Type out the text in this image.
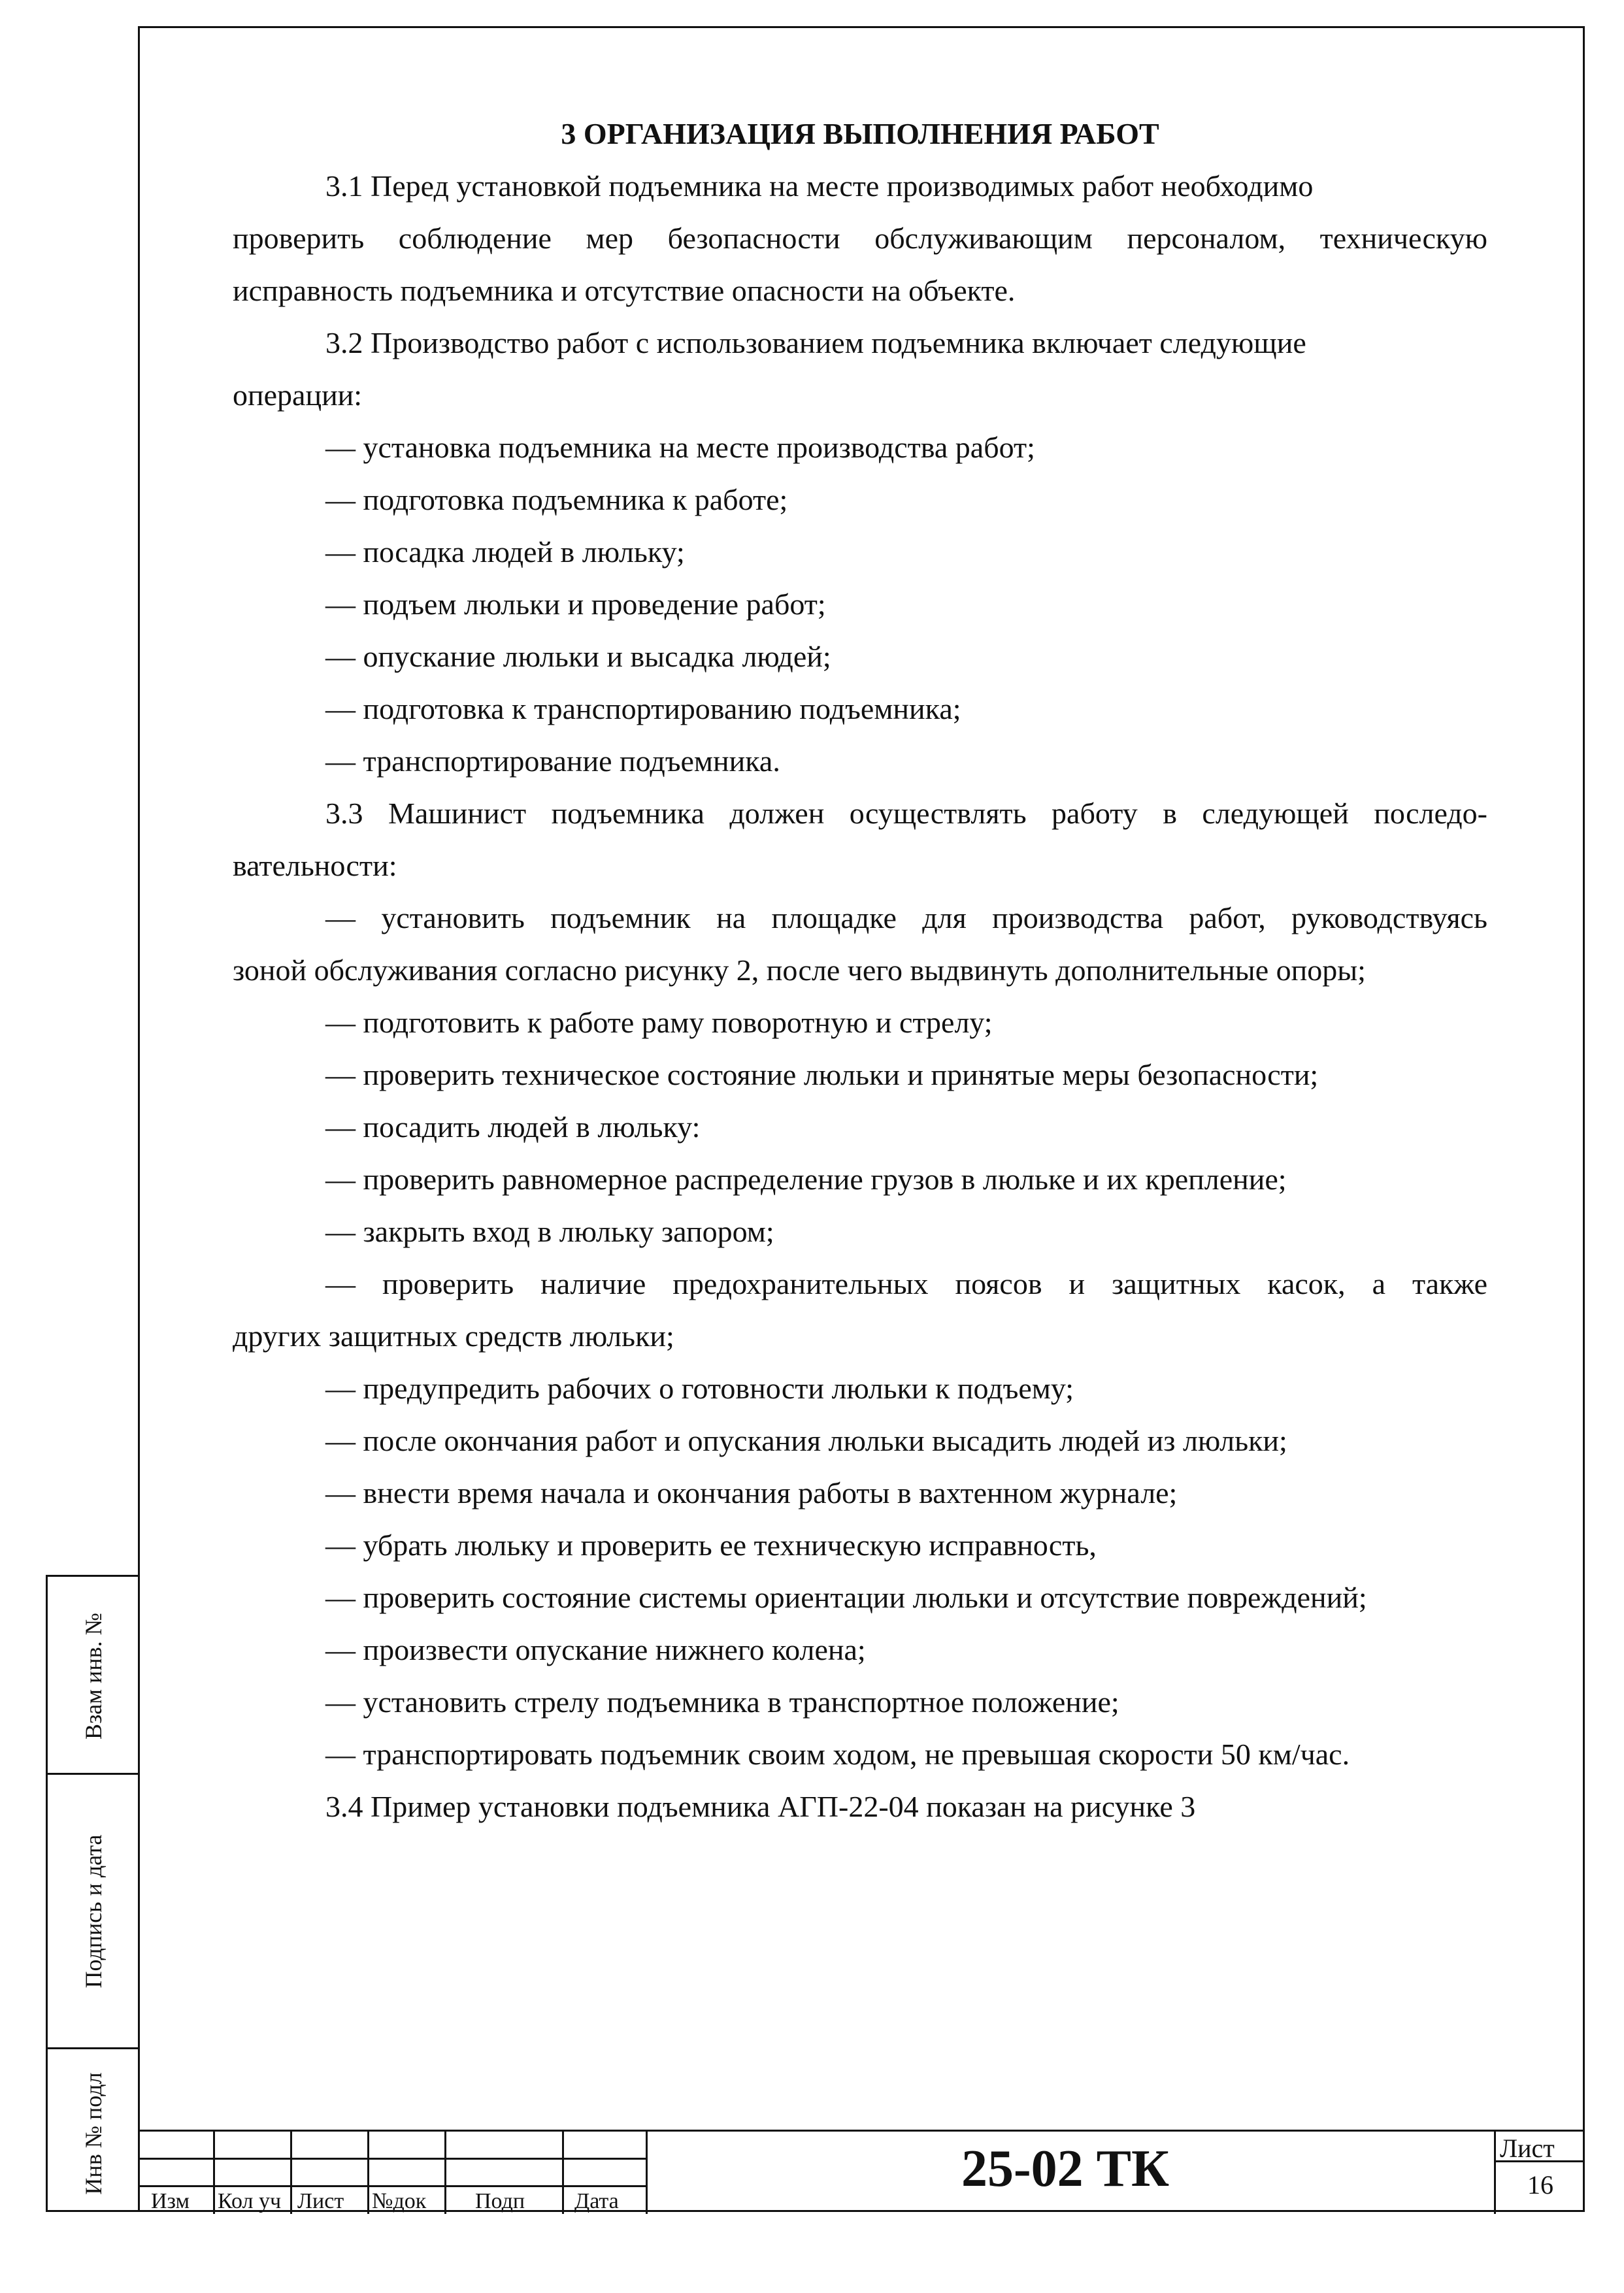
3 ОРГАНИЗАЦИЯ ВЫПОЛНЕНИЯ РАБОТ
3.1 Перед установкой подъемника на месте производимых работ необходимо
проверить соблюдение мер безопасности обслуживающим персоналом, техническую
исправность подъемника и отсутствие опасности на объекте.
3.2 Производство работ с использованием подъемника включает следующие
операции:
— установка подъемника на месте производства работ;
— подготовка подъемника к работе;
— посадка людей в люльку;
— подъем люльки и проведение работ;
— опускание люльки и высадка людей;
— подготовка к транспортированию подъемника;
— транспортирование подъемника.
3.3 Машинист подъемника должен осуществлять работу в следующей последо-
вательности:
— установить подъемник на площадке для производства работ, руководствуясь
зоной обслуживания согласно рисунку 2, после чего выдвинуть дополнительные опоры;
— подготовить к работе раму поворотную и стрелу;
— проверить техническое состояние люльки и принятые меры безопасности;
— посадить людей в люльку:
— проверить равномерное распределение грузов в люльке и их крепление;
— закрыть вход в люльку запором;
— проверить наличие предохранительных поясов и защитных касок, а также
других защитных средств люльки;
— предупредить рабочих о готовности люльки к подъему;
— после окончания работ и опускания люльки высадить людей из люльки;
— внести время начала и окончания работы в вахтенном журнале;
— убрать люльку и проверить ее техническую исправность,
— проверить состояние системы ориентации люльки и отсутствие повреждений;
— произвести опускание нижнего колена;
— установить стрелу подъемника в транспортное положение;
— транспортировать подъемник своим ходом, не превышая скорости 50 км/час.
3.4 Пример установки подъемника АГП-22-04 показан на рисунке 3
Взам инв. №
Подпись и дата
Инв № подл
Изм Кол уч Лист №док Подп Дата
25-02 ТК	Лист
16
